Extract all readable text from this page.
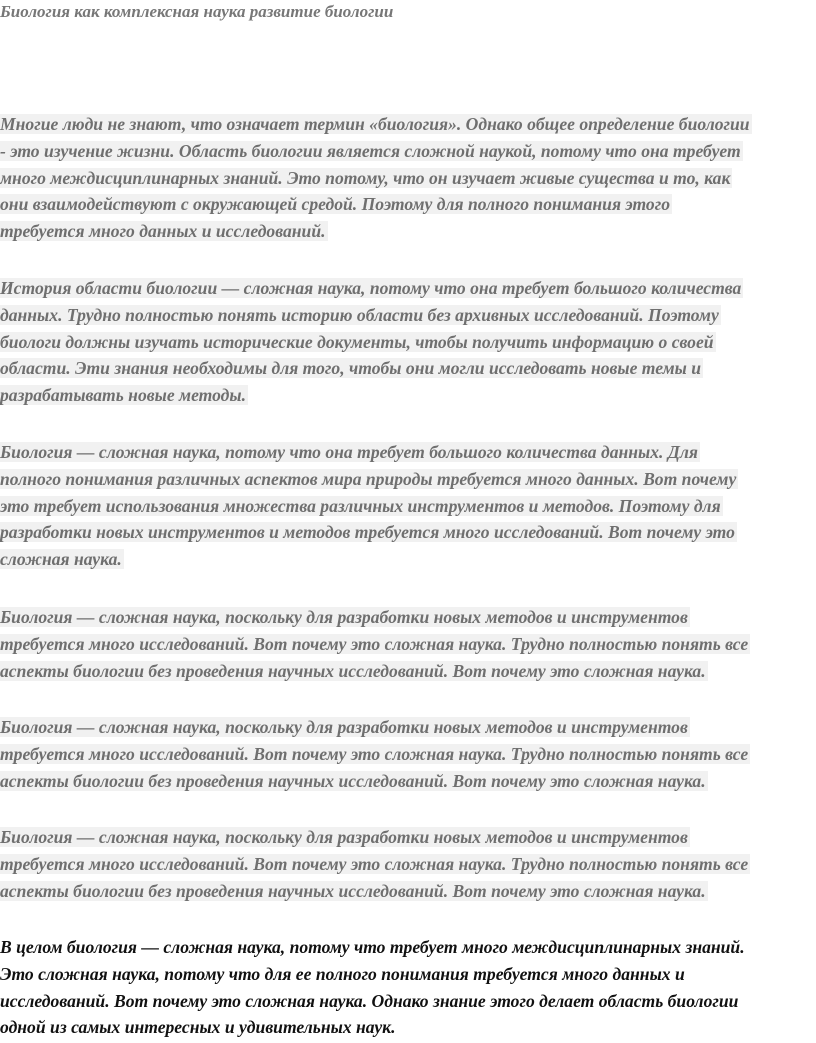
Биология как комплексная наука развитие биологии
Многие люди не знают, что означает термин «биология». Однако общее определение биологии
- это изучение жизни. Область биологии является сложной наукой, потому что она требует
много междисциплинарных знаний. Это потому, что он изучает живые существа и то, как
они взаимодействуют с окружающей средой. Поэтому для полного понимания этого
требуется много данных и исследований.
История области биологии — сложная наука, потому что она требует большого количества
данных. Трудно полностью понять историю области без архивных исследований. Поэтому
биологи должны изучать исторические документы, чтобы получить информацию о своей
области. Эти знания необходимы для того, чтобы они могли исследовать новые темы и
разрабатывать новые методы.
Биология — сложная наука, потому что она требует большого количества данных. Для
полного понимания различных аспектов мира природы требуется много данных. Вот почему
это требует использования множества различных инструментов и методов. Поэтому для
разработки новых инструментов и методов требуется много исследований. Вот почему это
сложная наука.
Биология — сложная наука, поскольку для разработки новых методов и инструментов
требуется много исследований. Вот почему это сложная наука. Трудно полностью понять все
аспекты биологии без проведения научных исследований. Вот почему это сложная наука.
Биология — сложная наука, поскольку для разработки новых методов и инструментов
требуется много исследований. Вот почему это сложная наука. Трудно полностью понять все
аспекты биологии без проведения научных исследований. Вот почему это сложная наука.
Биология — сложная наука, поскольку для разработки новых методов и инструментов
требуется много исследований. Вот почему это сложная наука. Трудно полностью понять все
аспекты биологии без проведения научных исследований. Вот почему это сложная наука.
В целом биология — сложная наука, потому что требует много междисциплинарных знаний.
Это сложная наука, потому что для ее полного понимания требуется много данных и
исследований. Вот почему это сложная наука. Однако знание этого делает область биологии
одной из самых интересных и удивительных наук.
